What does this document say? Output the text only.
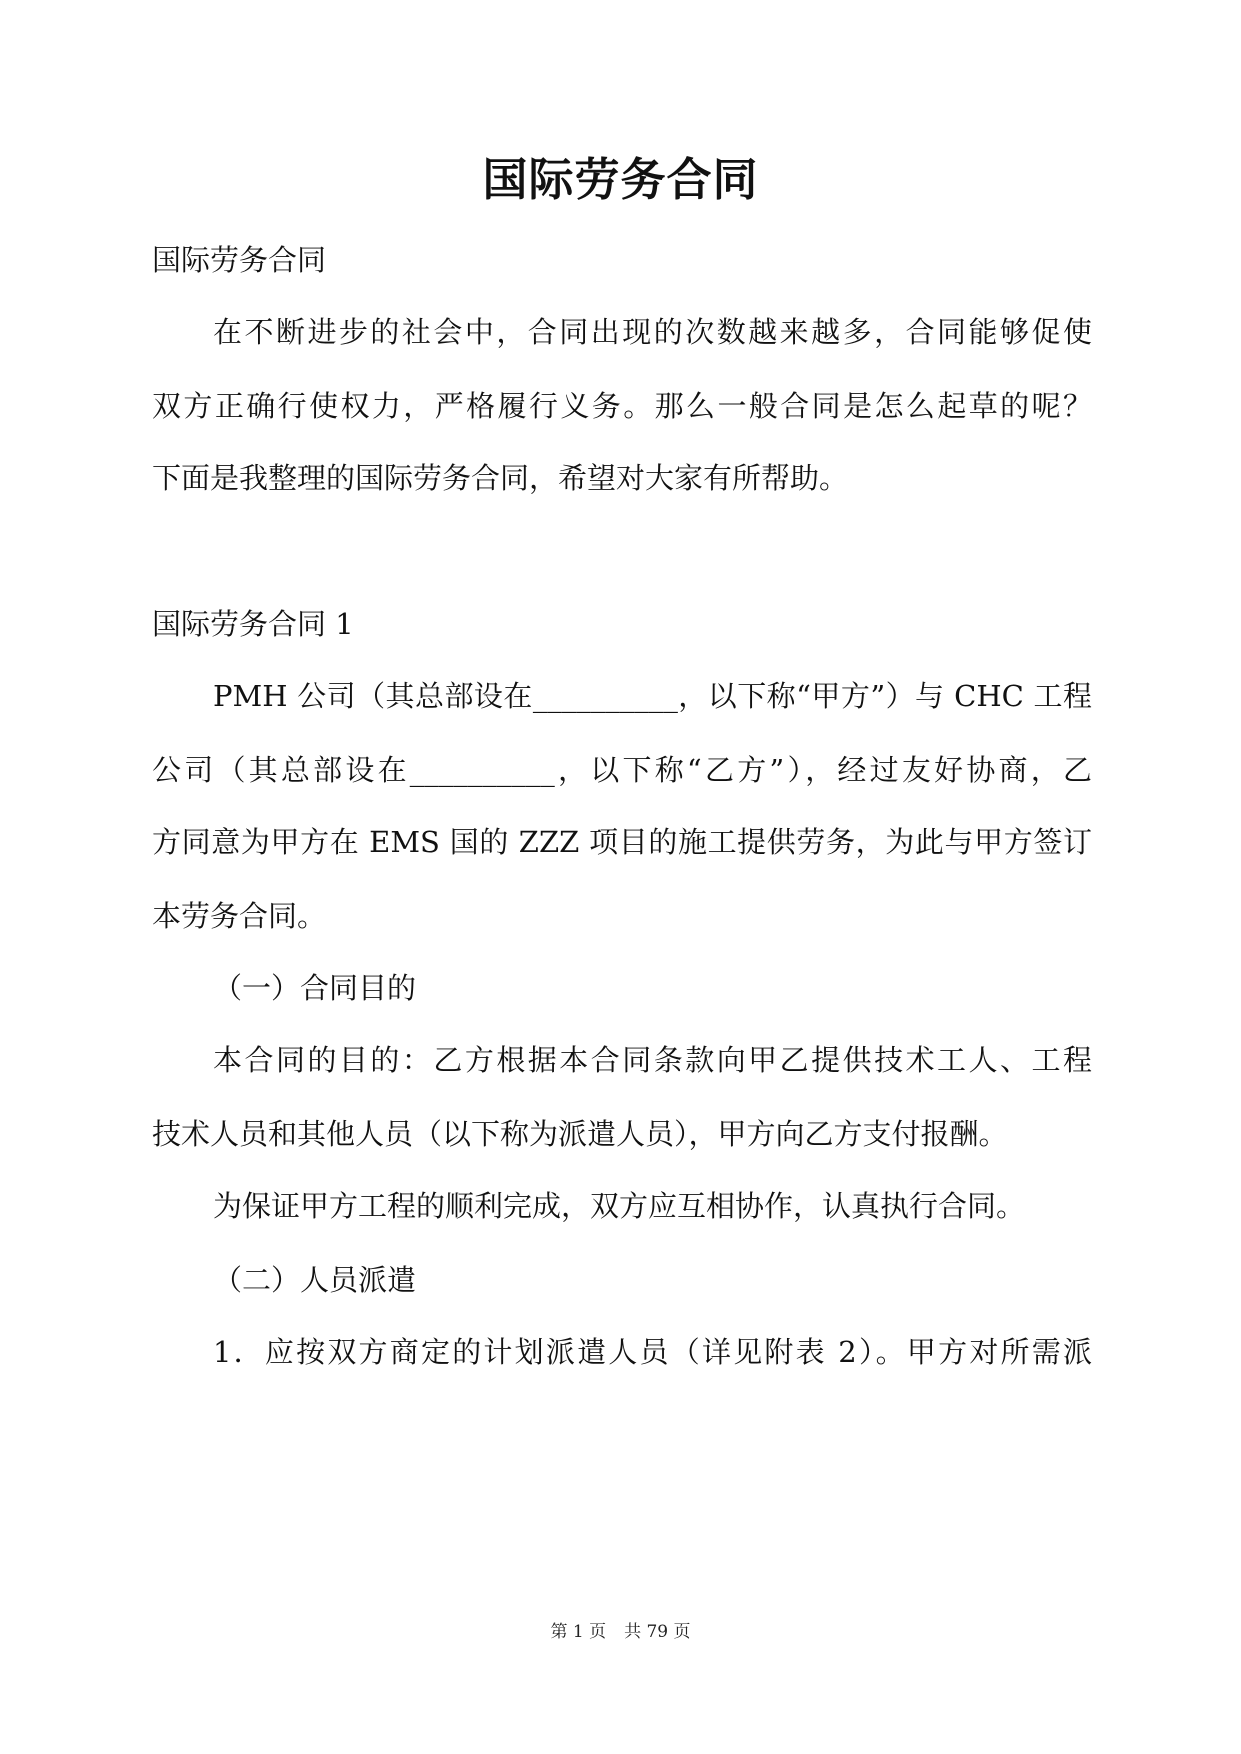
国际劳务合同
国际劳务合同
在不断进步的社会中，合同出现的次数越来越多，合同能够促使
双方正确行使权力，严格履行义务。那么一般合同是怎么起草的呢？
下面是我整理的国际劳务合同，希望对大家有所帮助。
国际劳务合同 1
PMH 公司（其总部设在__________，以下称“甲方”）与 CHC 工程
公司（其总部设在__________，以下称“乙方”），经过友好协商，乙
方同意为甲方在 EMS 国的 ZZZ 项目的施工提供劳务，为此与甲方签订
本劳务合同。
（一）合同目的
本合同的目的：乙方根据本合同条款向甲乙提供技术工人、工程
技术人员和其他人员（以下称为派遣人员），甲方向乙方支付报酬。
为保证甲方工程的顺利完成，双方应互相协作，认真执行合同。
（二）人员派遣
1．应按双方商定的计划派遣人员（详见附表 2）。甲方对所需派
第 1 页 共 79 页
